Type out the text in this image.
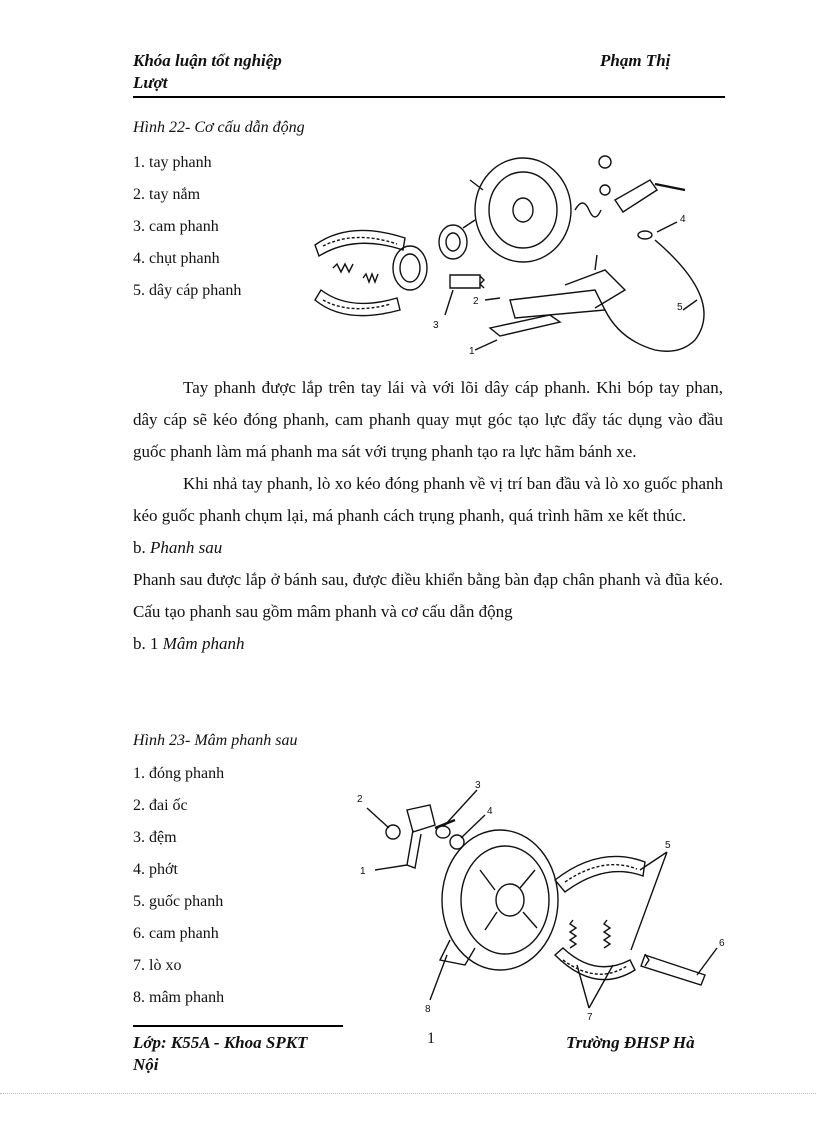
Khóa luận tốt nghiệp
Lượt
Phạm Thị
Hình 22- Cơ cấu dẫn động
1. tay phanh
2. tay nắm
3. cam phanh
4. chụt phanh
5. dây cáp phanh
1
2
3
4
5

Tay phanh được lắp trên tay lái và với lõi dây cáp phanh. Khi bóp tay phan, dây cáp sẽ kéo đóng phanh, cam phanh quay mụt góc tạo lực đẩy tác dụng vào đầu guốc phanh làm má phanh ma sát với trụng phanh tạo ra lực hãm bánh xe.

Khi nhả tay phanh, lò xo kéo đóng phanh về vị trí ban đầu và lò xo guốc phanh kéo guốc phanh chụm lại, má phanh cách trụng phanh, quá trình hãm xe kết thúc.

b. Phanh sau

Phanh sau được lắp ở bánh sau, được điều khiển bằng bàn đạp chân phanh và đũa kéo. Cấu tạo phanh sau gồm mâm phanh và cơ cấu dẫn động

b. 1 Mâm phanh

Hình 23- Mâm phanh sau
1. đóng phanh
2. đai ốc
3. đệm
4. phớt
5. guốc phanh
6. cam phanh
7. lò xo
8. mâm phanh
1
2
3
4
5
6
7
8
Lớp: K55A - Khoa SPKT
Nội
1	Trường ĐHSP Hà
